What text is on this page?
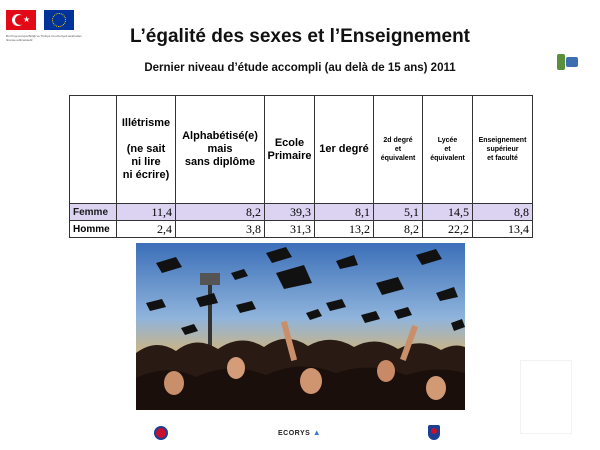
★
Bu Proje Avrupa Birliği ve Türkiye Cumhuriyeti tarafından finanse edilmektedir	L’égalité des sexes et l’Enseignement
Dernier niveau d’étude accompli (au delà de 15 ans) 2011

	Illétrisme

(ne sait
ni lire
ni écrire)	Alphabétisé(e)
mais
sans diplôme	Ecole
Primaire	1er degré	2d degré
et
équivalent	Lycée
et
équivalent	Enseignement
supérieur
et faculté

Femme	11,4	8,2	39,3	8,1	5,1	14,5	8,8
Homme	2,4	3,8	31,3	13,2	8,2	22,2	13,4
ECORYS ▲
